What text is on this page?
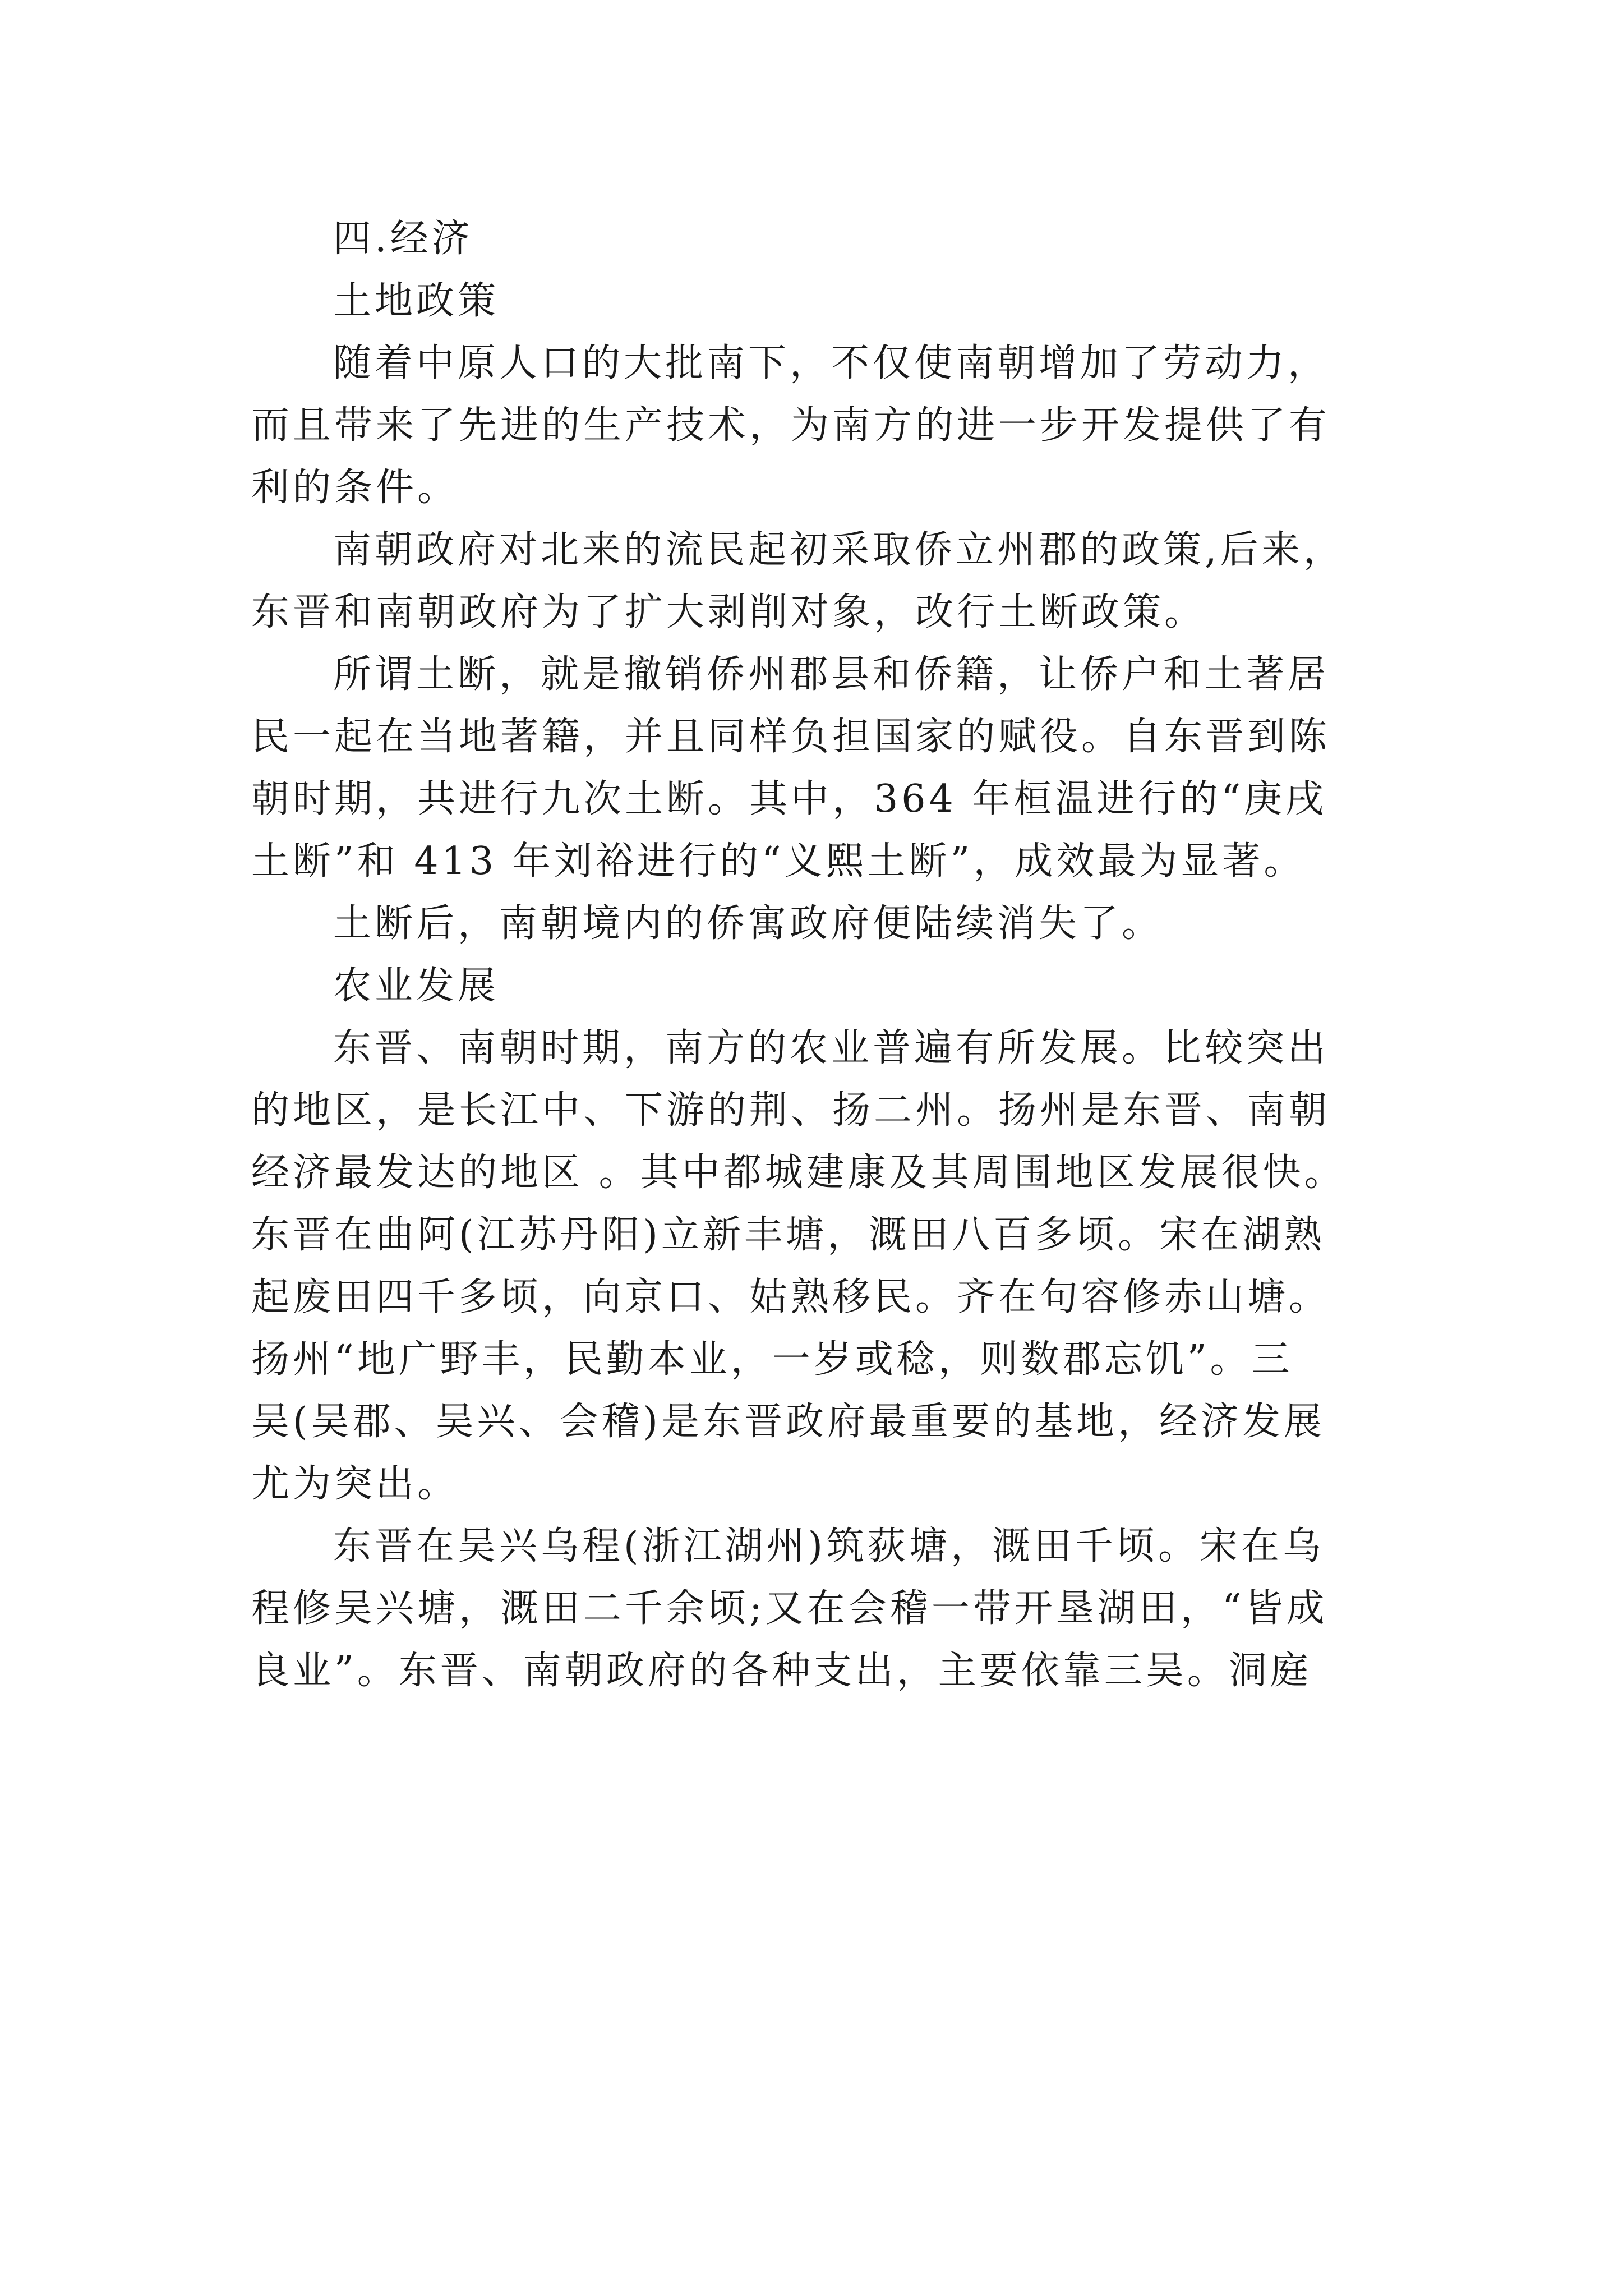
四.经济
土地政策
随着中原人口的大批南下，不仅使南朝增加了劳动力，
而且带来了先进的生产技术，为南方的进一步开发提供了有
利的条件。
南朝政府对北来的流民起初采取侨立州郡的政策,后来，
东晋和南朝政府为了扩大剥削对象，改行土断政策。
所谓土断，就是撤销侨州郡县和侨籍，让侨户和土著居
民一起在当地著籍，并且同样负担国家的赋役。自东晋到陈
朝时期，共进行九次土断。其中，364 年桓温进行的“庚戌
土断”和 413 年刘裕进行的“义熙土断”，成效最为显著。
土断后，南朝境内的侨寓政府便陆续消失了。
农业发展
东晋、南朝时期，南方的农业普遍有所发展。比较突出
的地区，是长江中、下游的荆、扬二州。扬州是东晋、南朝
经济最发达的地区 。其中都城建康及其周围地区发展很快。
东晋在曲阿(江苏丹阳)立新丰塘，溉田八百多顷。宋在湖熟
起废田四千多顷，向京口、姑熟移民。齐在句容修赤山塘。
扬州“地广野丰，民勤本业，一岁或稔，则数郡忘饥”。三
吴(吴郡、吴兴、会稽)是东晋政府最重要的基地，经济发展
尤为突出。
东晋在吴兴乌程(浙江湖州)筑荻塘，溉田千顷。宋在乌
程修吴兴塘，溉田二千余顷;又在会稽一带开垦湖田，“皆成
良业”。东晋、南朝政府的各种支出，主要依靠三吴。洞庭
